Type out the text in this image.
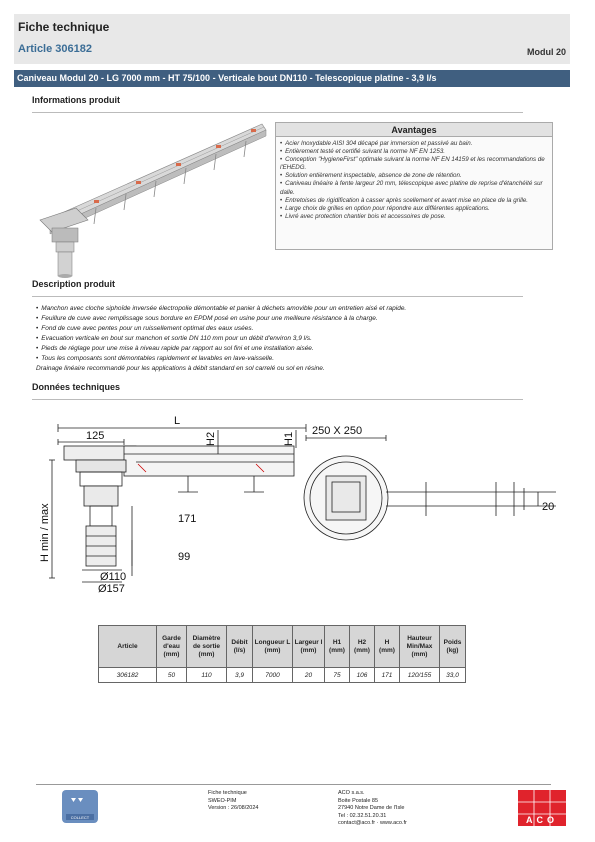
Fiche technique
Article 306182	Modul 20
Caniveau Modul 20 - LG 7000 mm - HT 75/100 - Verticale bout DN110 - Telescopique platine - 3,9 l/s
Informations produit
Avantages
• Acier Inoxydable AISI 304 décapé par immersion et passivé au bain.
• Entièrement testé et certifié suivant la norme NF EN 1253.
• Conception "HygieneFirst" optimale suivant la norme NF EN 14159 et les recommandations de l'EHEDG.
• Solution entièrement inspectable, absence de zone de rétention.
• Caniveau linéaire à fente largeur 20 mm, télescopique avec platine de reprise d'étanchéité sur dalle.
• Entretoises de rigidification à casser après scellement et avant mise en place de la grille.
• Large choix de grilles en option pour répondre aux différentes applications.
• Livré avec protection chantier bois et accessoires de pose.
Description produit
• Manchon avec cloche siphoïde inversée électropolie démontable et panier à déchets amovible pour un entretien aisé et rapide.
• Feuillure de cuve avec remplissage sous bordure en EPDM posé en usine pour une meilleure résistance à la charge.
• Fond de cuve avec pentes pour un ruissellement optimal des eaux usées.
• Evacuation verticale en bout sur manchon et sortie DN 110 mm pour un débit d'environ 3,9 l/s.
• Pieds de réglage pour une mise à niveau rapide par rapport au sol fini et une installation aisée.
• Tous les composants sont démontables rapidement et lavables en lave-vaisselle.
Drainage linéaire recommandé pour les applications à débit standard en sol carrelé ou sol en résine.
Données techniques
L
125	H2	H1
H min / max	171
99
Ø110
Ø157
250 X 250
20
Article	Garde d'eau (mm)	Diamètre de sortie (mm)	Débit (l/s)	Longueur L (mm)	Largeur l (mm)	H1 (mm)	H2 (mm)	H (mm)	Hauteur Min/Max (mm)	Poids (kg)
306182	50	110	3,9	7000	20	75	106	171	120/155	33,0
COLLECT
Fiche technique
SWEO-PIM
Version : 26/08/2024
ACO s.a.s.
Boite Postale 85
27940 Notre Dame de l'Isle
Tel : 02.32.51.20.31
contact@aco.fr · www.aco.fr	ACO
